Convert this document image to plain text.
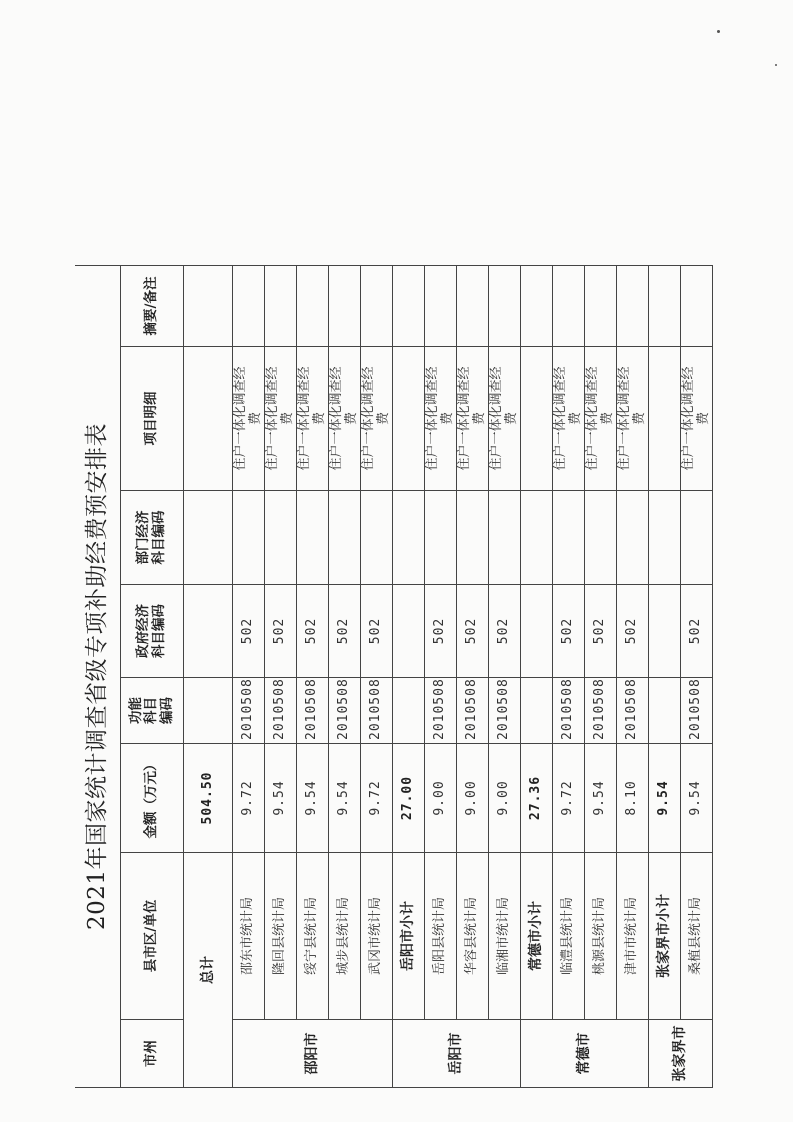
2021年国家统计调查省级专项补助经费预安排表							
市州	县市区/单位	金额（万元）	功能科目编码	政府经济科目编码	部门经济科目编码	项目明细	摘要/备注
总计		504.50					
邵阳市	邵东市统计局	9.72	2010508	502		住户一体化调查经费	
	隆回县统计局	9.54	2010508	502		住户一体化调查经费	
	绥宁县统计局	9.54	2010508	502		住户一体化调查经费	
	城步县统计局	9.54	2010508	502		住户一体化调查经费	
	武冈市统计局	9.72	2010508	502		住户一体化调查经费	
岳阳市	岳阳市小计	27.00					
	岳阳县统计局	9.00	2010508	502		住户一体化调查经费	
	华容县统计局	9.00	2010508	502		住户一体化调查经费	
	临湘市统计局	9.00	2010508	502		住户一体化调查经费	
常德市	常德市小计	27.36					
	临澧县统计局	9.72	2010508	502		住户一体化调查经费	
	桃源县统计局	9.54	2010508	502		住户一体化调查经费	
	津市市统计局	8.10	2010508	502		住户一体化调查经费	
张家界市	张家界市小计	9.54					
	桑植县统计局	9.54	2010508	502		住户一体化调查经费	
